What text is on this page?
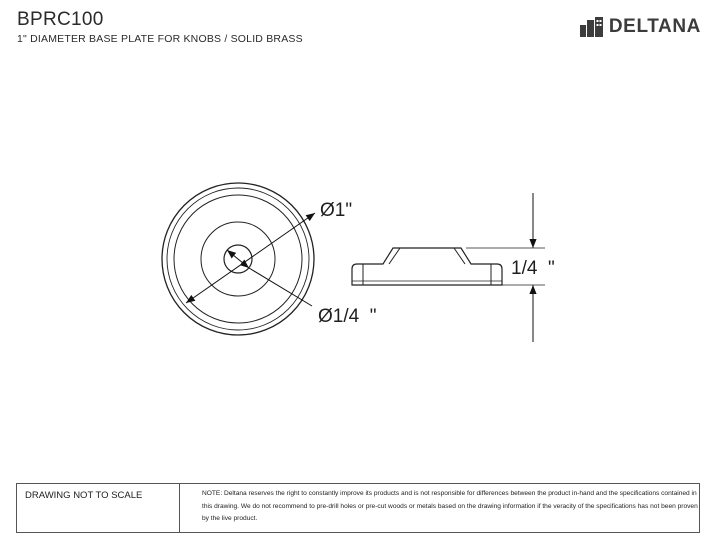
BPRC100
1" DIAMETER BASE PLATE FOR KNOBS / SOLID BRASS
DELTANA
Ø1"
Ø1/4  "
1/4  "
DRAWING NOT TO SCALE	NOTE: Deltana reserves the right to constantly improve its products and is not responsible for differences between the product in-hand and the specifications contained in this drawing. We do not recommend to pre-drill holes or pre-cut woods or metals based on the drawing information if the veracity of the specifications has not been proven by the live product.
